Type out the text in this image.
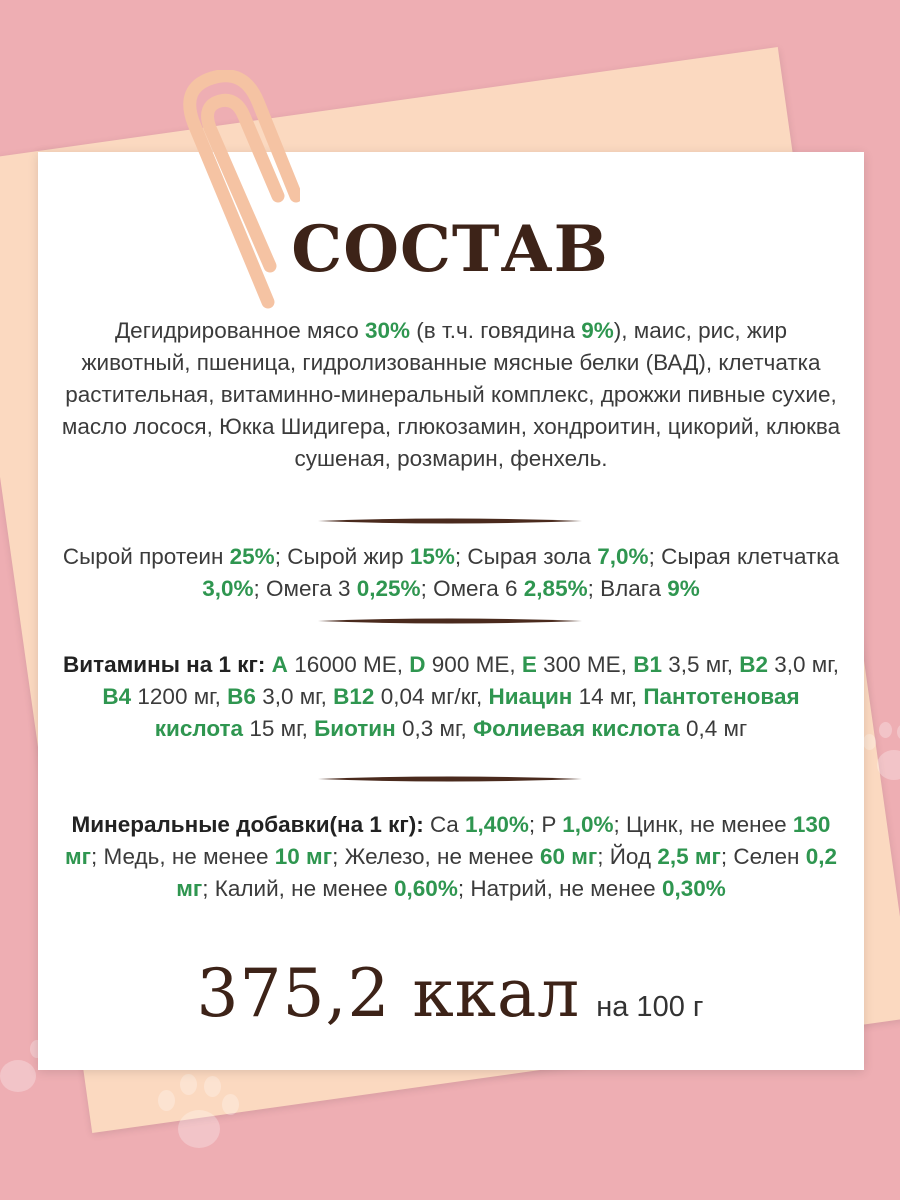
СОСТАВ
Дегидрированное мясо 30% (в т.ч. говядина 9%), маис, рис, жир животный, пшеница, гидролизованные мясные белки (ВАД), клетчатка растительная, витаминно-минеральный комплекс, дрожжи пивные сухие, масло лосося, Юкка Шидигера, глюкозамин, хондроитин, цикорий, клюква сушеная, розмарин, фенхель.
Сырой протеин 25%; Сырой жир 15%; Сырая зола 7,0%; Сырая клетчатка 3,0%; Омега 3 0,25%; Омега 6 2,85%; Влага 9%
Витамины на 1 кг: A 16000 МЕ, D 900 МЕ, E 300 МЕ, B1 3,5 мг, B2 3,0 мг, B4 1200 мг, B6 3,0 мг, B12 0,04 мг/кг, Ниацин 14 мг, Пантотеновая кислота 15 мг, Биотин 0,3 мг, Фолиевая кислота 0,4 мг
Минеральные добавки(на 1 кг): Ca 1,40%; P 1,0%; Цинк, не менее 130 мг; Медь, не менее 10 мг; Железо, не менее 60 мг; Йод 2,5 мг; Селен 0,2 мг; Калий, не менее 0,60%; Натрий, не менее 0,30%
375,2 ккал на 100 г
